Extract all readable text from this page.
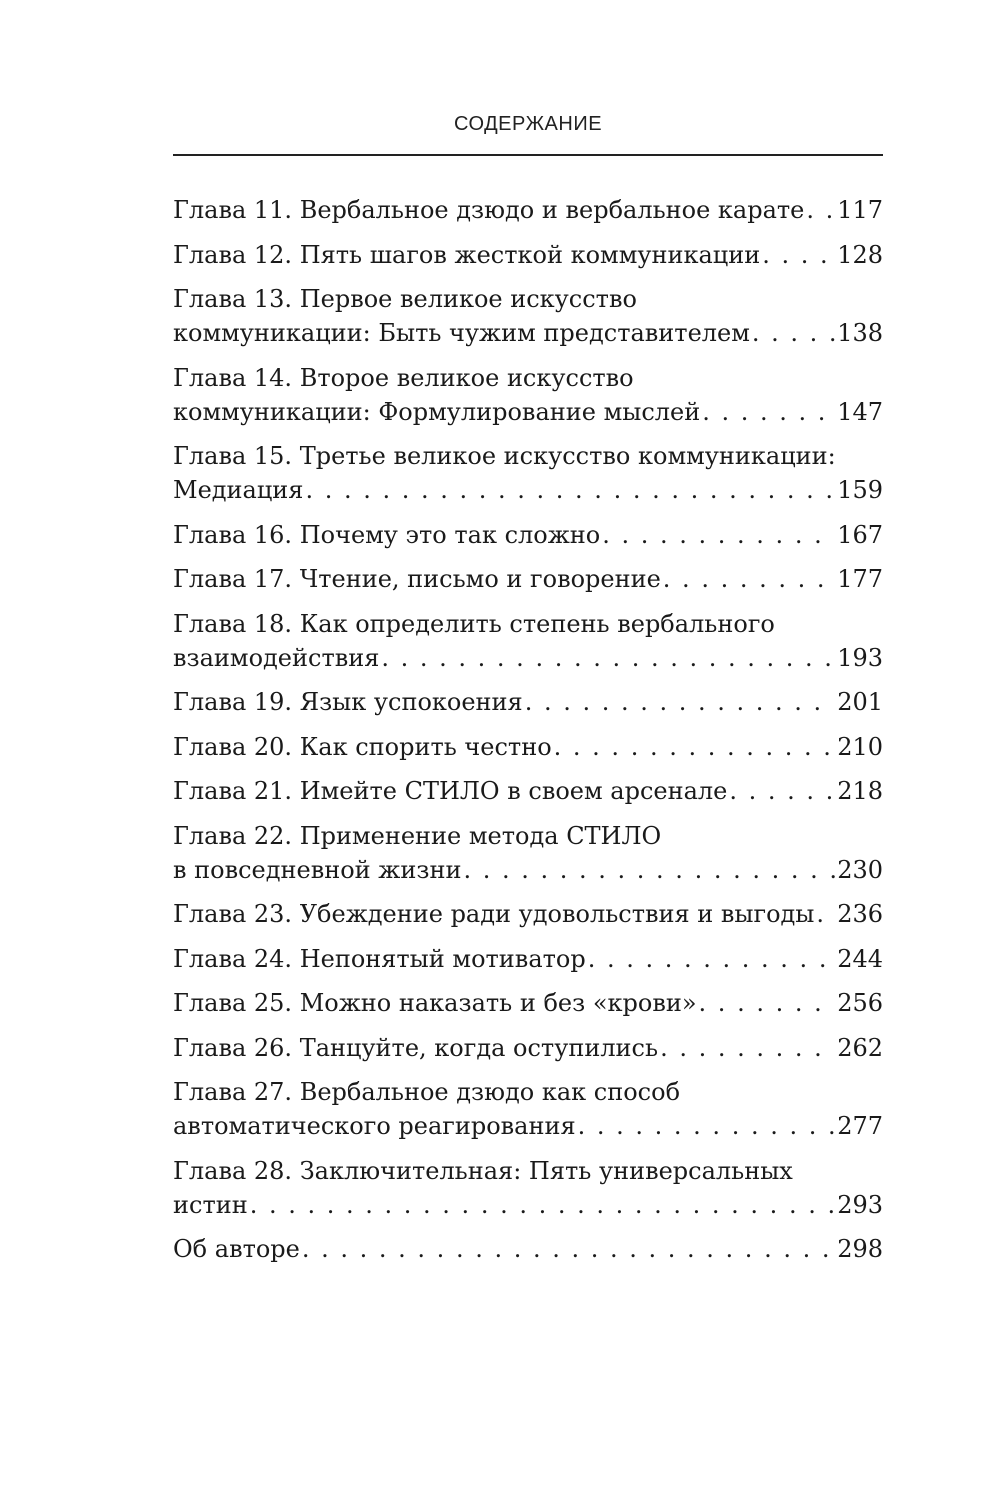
СОДЕРЖАНИЕ
Глава 11. Вербальное дзюдо и вербальное карате . . . 117
Глава 12. Пять шагов жесткой коммуникации . . .	128
Глава 13. Первое великое искусство
коммуникации: Быть чужим представителем . . .	138
Глава 14. Второе великое искусство
коммуникации: Формулирование мыслей . . .	147
Глава 15. Третье великое искусство коммуникации:
Медиация . . .	159
Глава 16. Почему это так сложно . . .	167
Глава 17. Чтение, письмо и говорение . . .	177
Глава 18. Как определить степень вербального
взаимодействия . . .	193
Глава 19. Язык успокоения . . .	201
Глава 20. Как спорить честно . . .	210
Глава 21. Имейте СТИЛО в своем арсенале . . .	218
Глава 22. Применение метода СТИЛО
в повседневной жизни . . .	230
Глава 23. Убеждение ради удовольствия и выгоды . . . 236
Глава 24. Непонятый мотиватор . . .	244
Глава 25. Можно наказать и без «крови» . . .	256
Глава 26. Танцуйте, когда оступились . . .	262
Глава 27. Вербальное дзюдо как способ
автоматического реагирования . . .	277
Глава 28. Заключительная: Пять универсальных
истин . . .	293
Об авторе . . .	298
